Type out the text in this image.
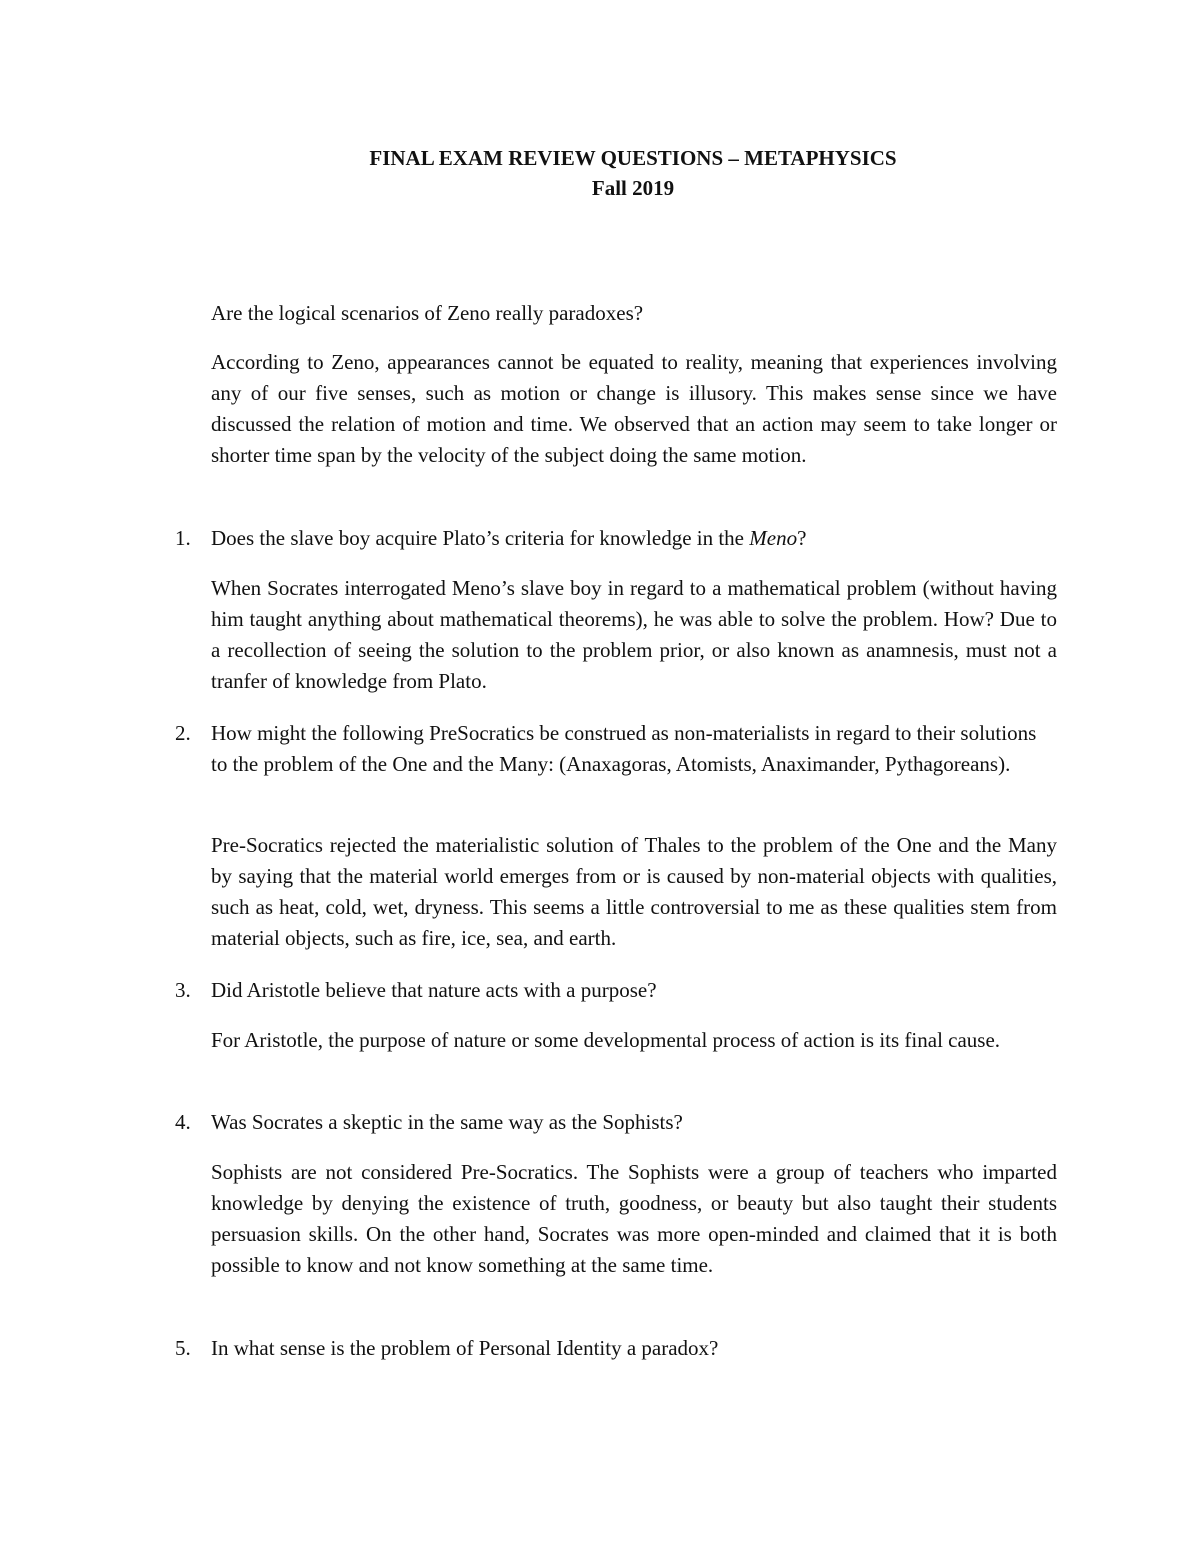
FINAL EXAM REVIEW QUESTIONS – METAPHYSICS
Fall 2019
Are the logical scenarios of Zeno really paradoxes?
According to Zeno, appearances cannot be equated to reality, meaning that experiences involving any of our five senses, such as motion or change is illusory. This makes sense since we have discussed the relation of motion and time. We observed that an action may seem to take longer or shorter time span by the velocity of the subject doing the same motion.
1. Does the slave boy acquire Plato’s criteria for knowledge in the Meno?
When Socrates interrogated Meno’s slave boy in regard to a mathematical problem (without having him taught anything about mathematical theorems), he was able to solve the problem. How? Due to a recollection of seeing the solution to the problem prior, or also known as anamnesis, must not a tranfer of knowledge from Plato.
2. How might the following PreSocratics be construed as non-materialists in regard to their solutions to the problem of the One and the Many: (Anaxagoras, Atomists, Anaximander, Pythagoreans).
Pre-Socratics rejected the materialistic solution of Thales to the problem of the One and the Many by saying that the material world emerges from or is caused by non-material objects with qualities, such as heat, cold, wet, dryness. This seems a little controversial to me as these qualities stem from material objects, such as fire, ice, sea, and earth.
3. Did Aristotle believe that nature acts with a purpose?
For Aristotle, the purpose of nature or some developmental process of action is its final cause.
4. Was Socrates a skeptic in the same way as the Sophists?
Sophists are not considered Pre-Socratics. The Sophists were a group of teachers who imparted knowledge by denying the existence of truth, goodness, or beauty but also taught their students persuasion skills. On the other hand, Socrates was more open-minded and claimed that it is both possible to know and not know something at the same time.
5. In what sense is the problem of Personal Identity a paradox?
